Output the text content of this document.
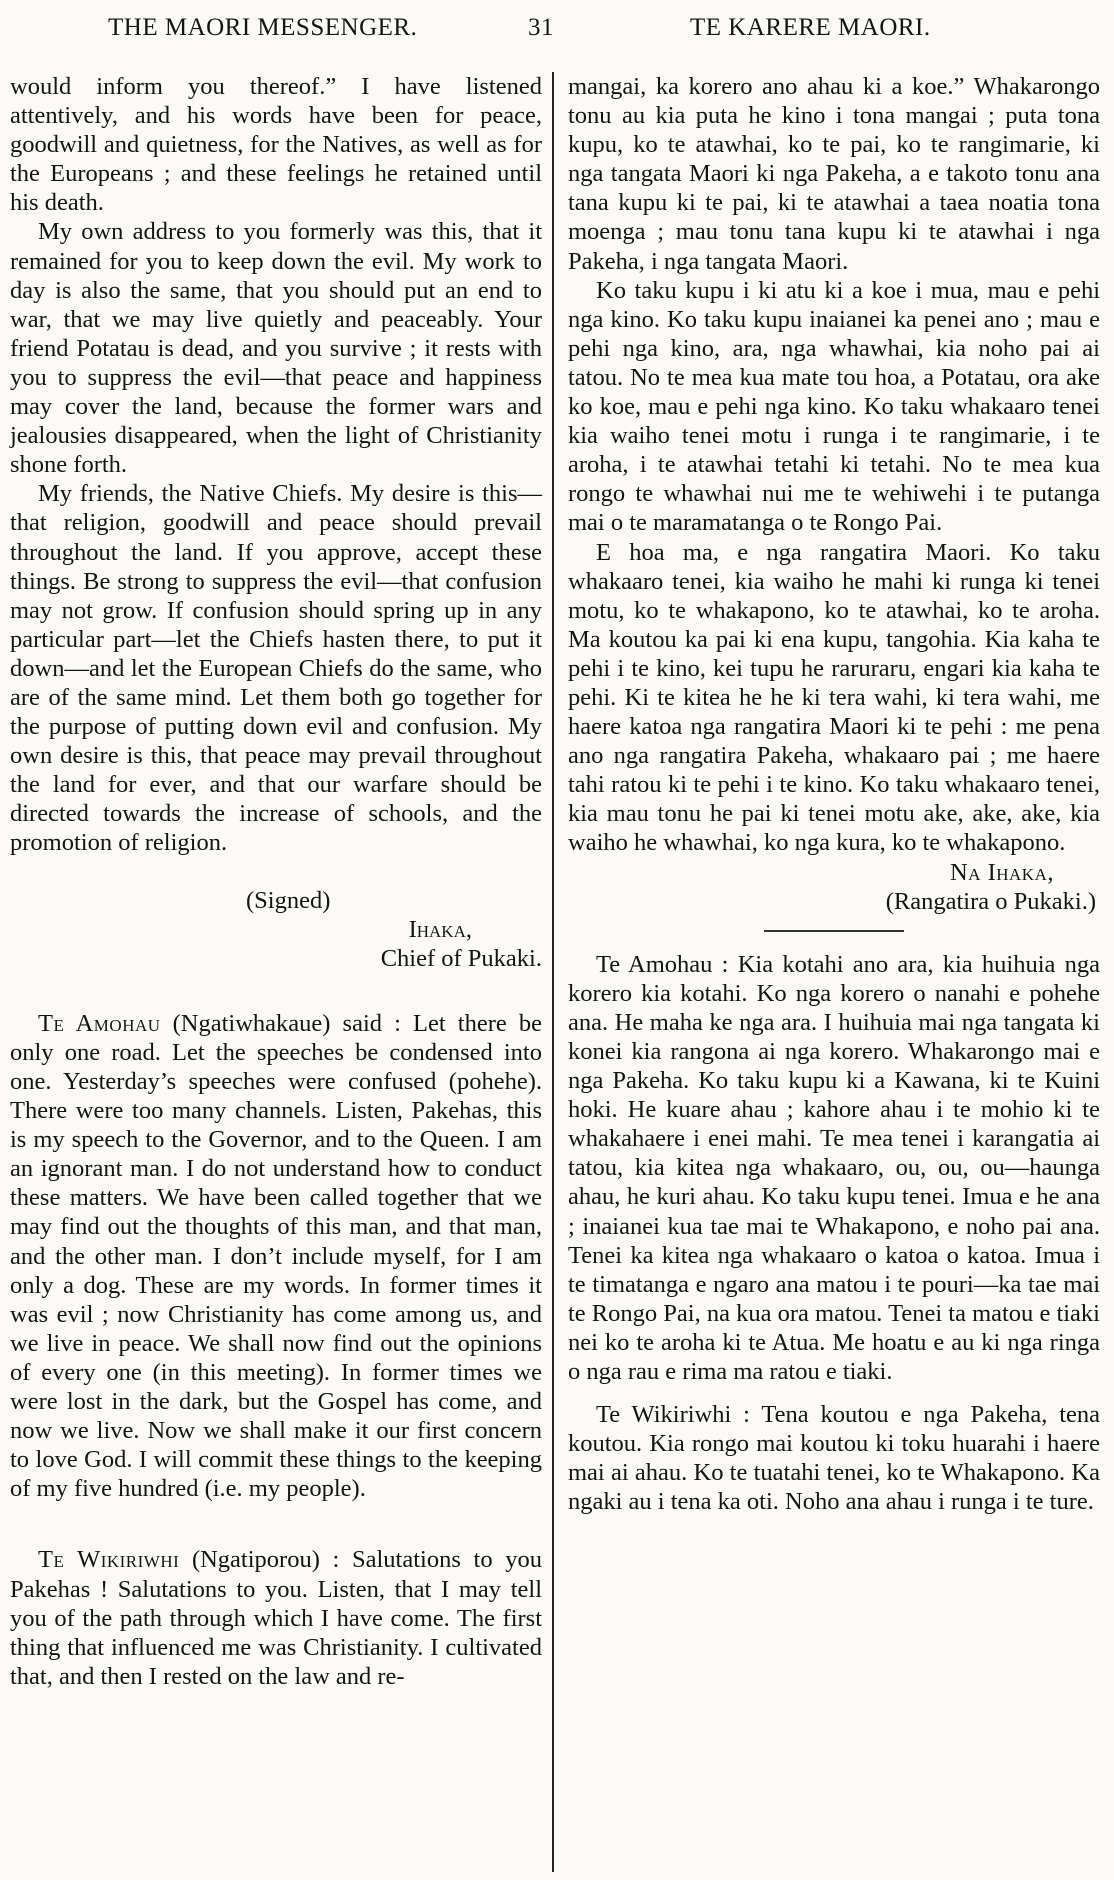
THE MAORI MESSENGER.	31	TE KARERE MAORI.

would inform you thereof.” I have listened attentively, and his words have been for peace, goodwill and quietness, for the Natives, as well as for the Europeans ; and these feelings he retained until his death.

My own address to you formerly was this, that it remained for you to keep down the evil. My work to day is also the same, that you should put an end to war, that we may live quietly and peaceably. Your friend Potatau is dead, and you survive ; it rests with you to suppress the evil—that peace and happiness may cover the land, because the former wars and jealousies disappeared, when the light of Christianity shone forth.

My friends, the Native Chiefs. My desire is this—that religion, goodwill and peace should prevail throughout the land. If you approve, accept these things. Be strong to suppress the evil—that confusion may not grow. If confusion should spring up in any particular part—let the Chiefs hasten there, to put it down—and let the European Chiefs do the same, who are of the same mind. Let them both go together for the purpose of putting down evil and confusion. My own desire is this, that peace may prevail throughout the land for ever, and that our warfare should be directed towards the increase of schools, and the promotion of religion.

(Signed)

Ihaka,

Chief of Pukaki.

Te Amohau (Ngatiwhakaue) said : Let there be only one road. Let the speeches be condensed into one. Yesterday’s speeches were confused (pohehe). There were too many channels. Listen, Pakehas, this is my speech to the Governor, and to the Queen. I am an ignorant man. I do not understand how to conduct these matters. We have been called together that we may find out the thoughts of this man, and that man, and the other man. I don’t include myself, for I am only a dog. These are my words. In former times it was evil ; now Christianity has come among us, and we live in peace. We shall now find out the opinions of every one (in this meeting). In former times we were lost in the dark, but the Gospel has come, and now we live. Now we shall make it our first concern to love God. I will commit these things to the keeping of my five hundred (i.e. my people).

Te Wikiriwhi (Ngatiporou) : Salutations to you Pakehas ! Salutations to you. Listen, that I may tell you of the path through which I have come. The first thing that influenced me was Christianity. I cultivated that, and then I rested on the law and re-

mangai, ka korero ano ahau ki a koe.” Whakarongo tonu au kia puta he kino i tona mangai ; puta tona kupu, ko te atawhai, ko te pai, ko te rangimarie, ki nga tangata Maori ki nga Pakeha, a e takoto tonu ana tana kupu ki te pai, ki te atawhai a taea noatia tona moenga ; mau tonu tana kupu ki te atawhai i nga Pakeha, i nga tangata Maori.

Ko taku kupu i ki atu ki a koe i mua, mau e pehi nga kino. Ko taku kupu inaianei ka penei ano ; mau e pehi nga kino, ara, nga whawhai, kia noho pai ai tatou. No te mea kua mate tou hoa, a Potatau, ora ake ko koe, mau e pehi nga kino. Ko taku whakaaro tenei kia waiho tenei motu i runga i te rangimarie, i te aroha, i te atawhai tetahi ki tetahi. No te mea kua rongo te whawhai nui me te wehiwehi i te putanga mai o te maramatanga o te Rongo Pai.

E hoa ma, e nga rangatira Maori. Ko taku whakaaro tenei, kia waiho he mahi ki runga ki tenei motu, ko te whakapono, ko te atawhai, ko te aroha. Ma koutou ka pai ki ena kupu, tangohia. Kia kaha te pehi i te kino, kei tupu he raruraru, engari kia kaha te pehi. Ki te kitea he he ki tera wahi, ki tera wahi, me haere katoa nga rangatira Maori ki te pehi : me pena ano nga rangatira Pakeha, whakaaro pai ; me haere tahi ratou ki te pehi i te kino. Ko taku whakaaro tenei, kia mau tonu he pai ki tenei motu ake, ake, ake, kia waiho he whawhai, ko nga kura, ko te whakapono.

Na Ihaka,

(Rangatira o Pukaki.)

Te Amohau : Kia kotahi ano ara, kia huihuia nga korero kia kotahi. Ko nga korero o nanahi e pohehe ana. He maha ke nga ara. I huihuia mai nga tangata ki konei kia rangona ai nga korero. Whakarongo mai e nga Pakeha. Ko taku kupu ki a Kawana, ki te Kuini hoki. He kuare ahau ; kahore ahau i te mohio ki te whakahaere i enei mahi. Te mea tenei i karangatia ai tatou, kia kitea nga whakaaro, ou, ou, ou—haunga ahau, he kuri ahau. Ko taku kupu tenei. Imua e he ana ; inaianei kua tae mai te Whakapono, e noho pai ana. Tenei ka kitea nga whakaaro o katoa o katoa. Imua i te timatanga e ngaro ana matou i te pouri—ka tae mai te Rongo Pai, na kua ora matou. Tenei ta matou e tiaki nei ko te aroha ki te Atua. Me hoatu e au ki nga ringa o nga rau e rima ma ratou e tiaki.

Te Wikiriwhi : Tena koutou e nga Pakeha, tena koutou. Kia rongo mai koutou ki toku huarahi i haere mai ai ahau. Ko te tuatahi tenei, ko te Whakapono. Ka ngaki au i tena ka oti. Noho ana ahau i runga i te ture.
